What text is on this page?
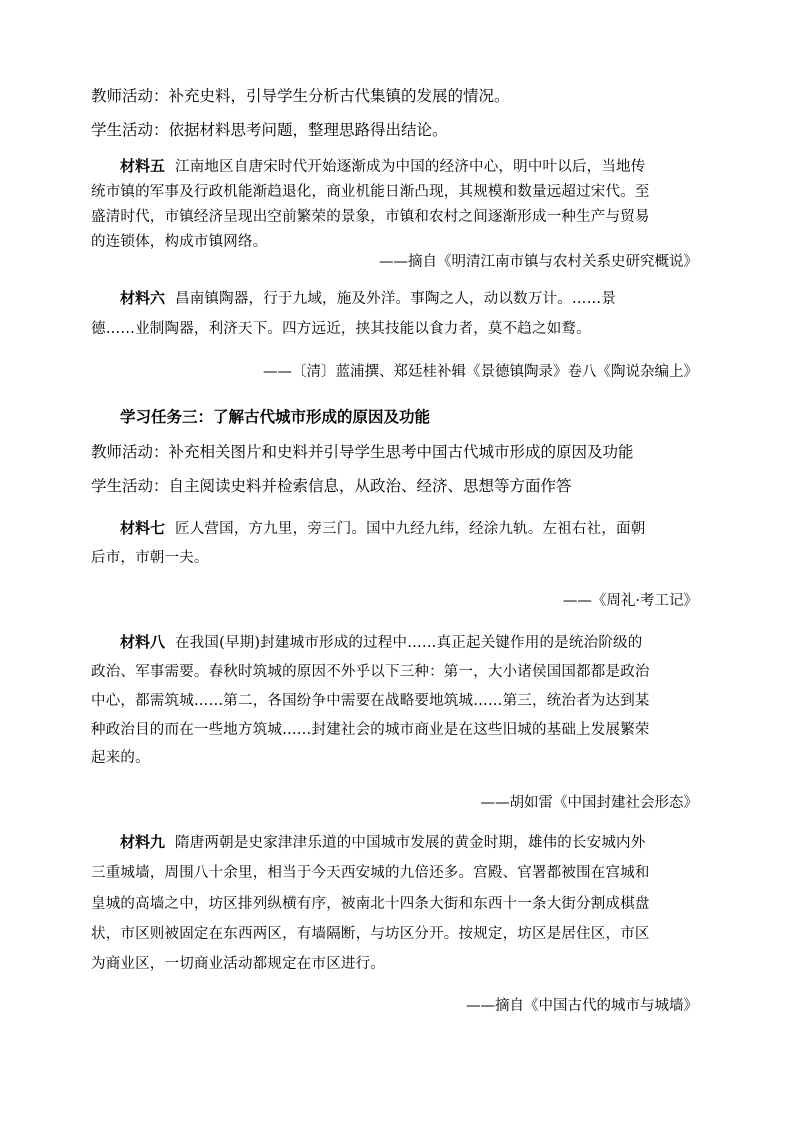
教师活动：补充史料，引导学生分析古代集镇的发展的情况。
学生活动：依据材料思考问题，整理思路得出结论。
材料五 江南地区自唐宋时代开始逐渐成为中国的经济中心，明中叶以后，当地传
统市镇的军事及行政机能渐趋退化，商业机能日渐凸现，其规模和数量远超过宋代。至
盛清时代，市镇经济呈现出空前繁荣的景象，市镇和农村之间逐渐形成一种生产与贸易
的连锁体，构成市镇网络。
——摘自《明清江南市镇与农村关系史研究概说》
材料六 昌南镇陶器，行于九域，施及外洋。事陶之人，动以数万计。……景
德……业制陶器，利济天下。四方远近，挟其技能以食力者，莫不趋之如鹜。
——〔清〕蓝浦撰、郑廷桂补辑《景德镇陶录》卷八《陶说杂编上》
学习任务三：了解古代城市形成的原因及功能
教师活动：补充相关图片和史料并引导学生思考中国古代城市形成的原因及功能
学生活动：自主阅读史料并检索信息，从政治、经济、思想等方面作答
材料七 匠人营国，方九里，旁三门。国中九经九纬，经涂九轨。左祖右社，面朝
后市，市朝一夫。
——《周礼·考工记》
材料八 在我国(早期)封建城市形成的过程中……真正起关键作用的是统治阶级的
政治、军事需要。春秋时筑城的原因不外乎以下三种：第一，大小诸侯国国都都是政治
中心，都需筑城……第二，各国纷争中需要在战略要地筑城……第三，统治者为达到某
种政治目的而在一些地方筑城……封建社会的城市商业是在这些旧城的基础上发展繁荣
起来的。
——胡如雷《中国封建社会形态》
材料九 隋唐两朝是史家津津乐道的中国城市发展的黄金时期，雄伟的长安城内外
三重城墙，周围八十余里，相当于今天西安城的九倍还多。宫殿、官署都被围在宫城和
皇城的高墙之中，坊区排列纵横有序，被南北十四条大街和东西十一条大街分割成棋盘
状，市区则被固定在东西两区，有墙隔断，与坊区分开。按规定，坊区是居住区，市区
为商业区，一切商业活动都规定在市区进行。
——摘自《中国古代的城市与城墙》
